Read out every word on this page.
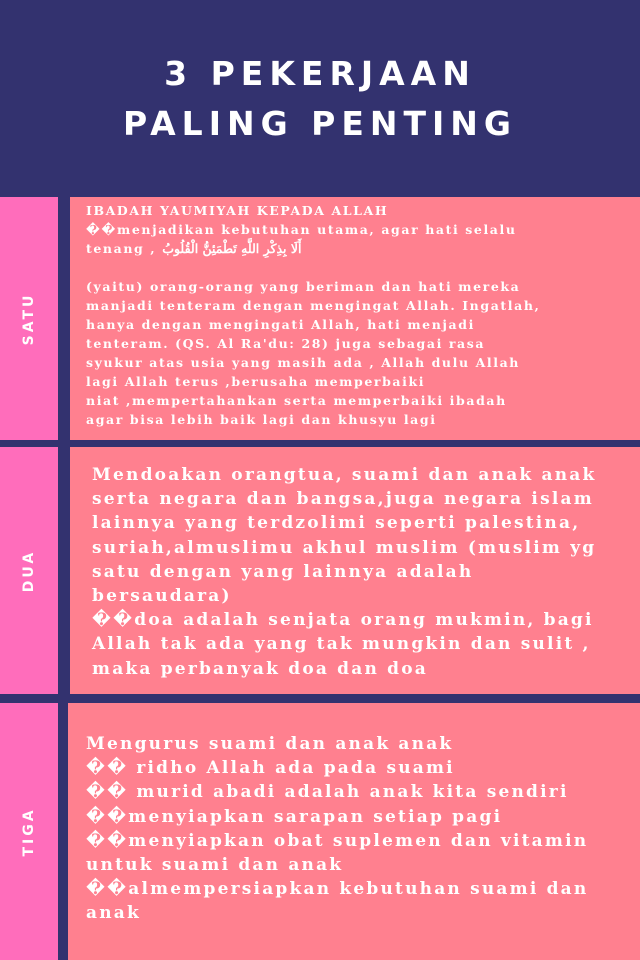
3 PEKERJAAN
PALING PENTING
SATU
IBADAH YAUMIYAH KEPADA ALLAH
��menjadikan kebutuhan utama, agar hati selalu
tenang , أَلَا بِذِكْرِ اللَّهِ تَطْمَئِنُّ الْقُلُوبُ
(yaitu) orang-orang yang beriman dan hati mereka
manjadi tenteram dengan mengingat Allah. Ingatlah,
hanya dengan mengingati Allah, hati menjadi
tenteram. (QS. Al Ra'du: 28) juga sebagai rasa
syukur atas usia yang masih ada , Allah dulu Allah
lagi Allah terus ,berusaha memperbaiki
niat ,mempertahankan serta memperbaiki ibadah
agar bisa lebih baik lagi dan khusyu lagi
DUA
Mendoakan orangtua, suami dan anak anak
serta negara dan bangsa,juga negara islam
lainnya yang terdzolimi seperti palestina,
suriah,almuslimu akhul muslim (muslim yg
satu dengan yang lainnya adalah
bersaudara)
��doa adalah senjata orang mukmin, bagi
Allah tak ada yang tak mungkin dan sulit ,
maka perbanyak doa dan doa
TIGA
Mengurus suami dan anak anak
�� ridho Allah ada pada suami
�� murid abadi adalah anak kita sendiri
��menyiapkan sarapan setiap pagi
��menyiapkan obat suplemen dan vitamin
untuk suami dan anak
��almempersiapkan kebutuhan suami dan
anak
